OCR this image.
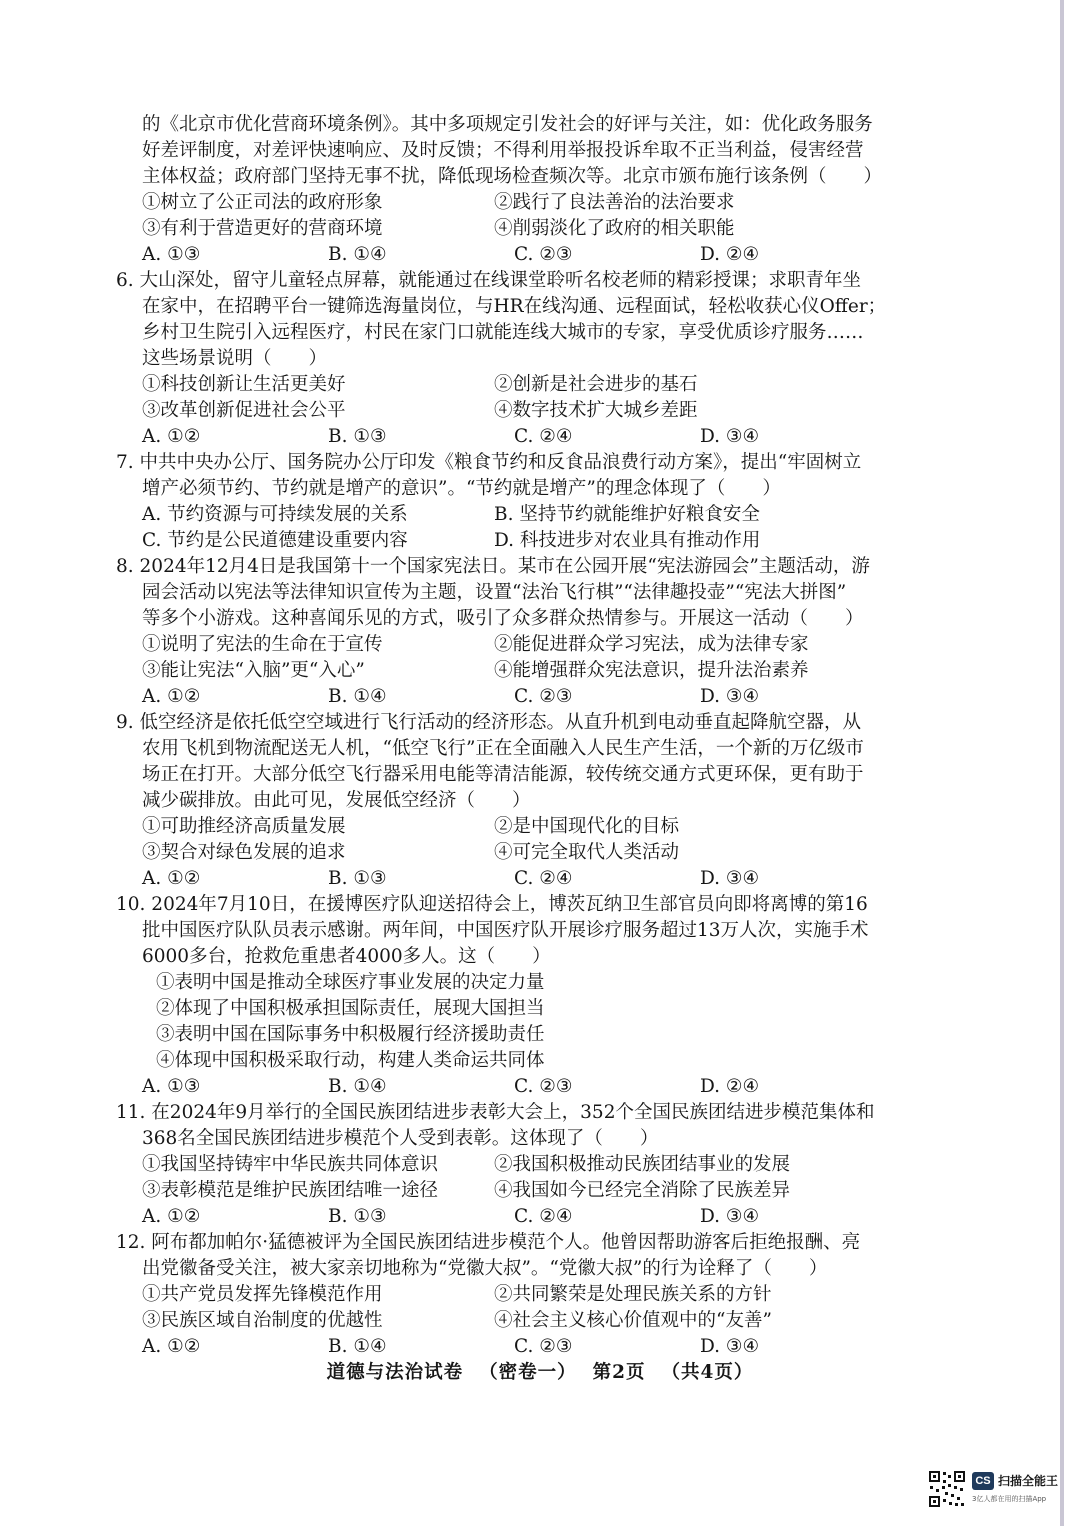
的《北京市优化营商环境条例》。其中多项规定引发社会的好评与关注，如：优化政务服务
好差评制度，对差评快速响应、及时反馈；不得利用举报投诉牟取不正当利益，侵害经营
主体权益；政府部门坚持无事不扰，降低现场检查频次等。北京市颁布施行该条例（　　）
①树立了公正司法的政府形象	②践行了良法善治的法治要求
③有利于营造更好的营商环境	④削弱淡化了政府的相关职能
A. ①③	B. ①④	C. ②③	D. ②④
6. 大山深处，留守儿童轻点屏幕，就能通过在线课堂聆听名校老师的精彩授课；求职青年坐
在家中，在招聘平台一键筛选海量岗位，与HR在线沟通、远程面试，轻松收获心仪Offer；
乡村卫生院引入远程医疗，村民在家门口就能连线大城市的专家，享受优质诊疗服务……
这些场景说明（　　）
①科技创新让生活更美好	②创新是社会进步的基石
③改革创新促进社会公平	④数字技术扩大城乡差距
A. ①②	B. ①③	C. ②④	D. ③④
7. 中共中央办公厅、国务院办公厅印发《粮食节约和反食品浪费行动方案》，提出“牢固树立
增产必须节约、节约就是增产的意识”。“节约就是增产”的理念体现了（　　）
A. 节约资源与可持续发展的关系	B. 坚持节约就能维护好粮食安全
C. 节约是公民道德建设重要内容	D. 科技进步对农业具有推动作用
8. 2024年12月4日是我国第十一个国家宪法日。某市在公园开展“宪法游园会”主题活动，游
园会活动以宪法等法律知识宣传为主题，设置“法治飞行棋”“法律趣投壶”“宪法大拼图”
等多个小游戏。这种喜闻乐见的方式，吸引了众多群众热情参与。开展这一活动（　　）
①说明了宪法的生命在于宣传	②能促进群众学习宪法，成为法律专家
③能让宪法“入脑”更“入心”	④能增强群众宪法意识，提升法治素养
A. ①②	B. ①④	C. ②③	D. ③④
9. 低空经济是依托低空空域进行飞行活动的经济形态。从直升机到电动垂直起降航空器，从
农用飞机到物流配送无人机，“低空飞行”正在全面融入人民生产生活，一个新的万亿级市
场正在打开。大部分低空飞行器采用电能等清洁能源，较传统交通方式更环保，更有助于
减少碳排放。由此可见，发展低空经济（　　）
①可助推经济高质量发展	②是中国现代化的目标
③契合对绿色发展的追求	④可完全取代人类活动
A. ①②	B. ①③	C. ②④	D. ③④
10. 2024年7月10日，在援博医疗队迎送招待会上，博茨瓦纳卫生部官员向即将离博的第16
批中国医疗队队员表示感谢。两年间，中国医疗队开展诊疗服务超过13万人次，实施手术
6000多台，抢救危重患者4000多人。这（　　）
①表明中国是推动全球医疗事业发展的决定力量
②体现了中国积极承担国际责任，展现大国担当
③表明中国在国际事务中积极履行经济援助责任
④体现中国积极采取行动，构建人类命运共同体
A. ①③	B. ①④	C. ②③	D. ②④
11. 在2024年9月举行的全国民族团结进步表彰大会上，352个全国民族团结进步模范集体和
368名全国民族团结进步模范个人受到表彰。这体现了（　　）
①我国坚持铸牢中华民族共同体意识	②我国积极推动民族团结事业的发展
③表彰模范是维护民族团结唯一途径	④我国如今已经完全消除了民族差异
A. ①②	B. ①③	C. ②④	D. ③④
12. 阿布都加帕尔·猛德被评为全国民族团结进步模范个人。他曾因帮助游客后拒绝报酬、亮
出党徽备受关注，被大家亲切地称为“党徽大叔”。“党徽大叔”的行为诠释了（　　）
①共产党员发挥先锋模范作用	②共同繁荣是处理民族关系的方针
③民族区域自治制度的优越性	④社会主义核心价值观中的“友善”
A. ①②	B. ①④	C. ②③	D. ③④
道德与法治试卷 （密卷一） 第2页 （共4页）
CS 扫描全能王
3亿人都在用的扫描App
